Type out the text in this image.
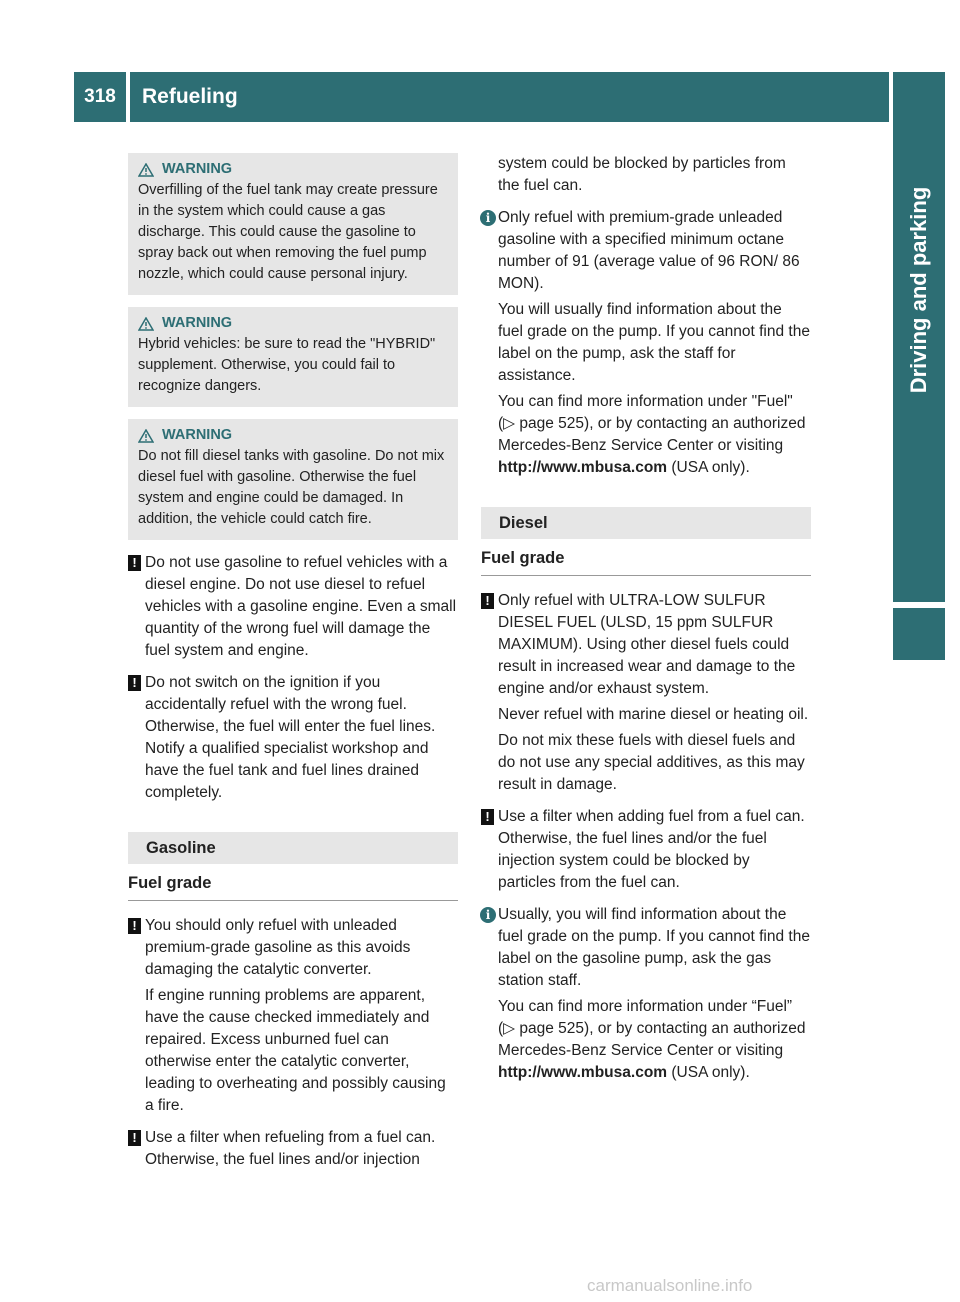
318	Refueling
Driving and parking
WARNING
Overfilling of the fuel tank may create pressure in the system which could cause a gas discharge. This could cause the gasoline to spray back out when removing the fuel pump nozzle, which could cause personal injury.
WARNING
Hybrid vehicles: be sure to read the "HYBRID" supplement. Otherwise, you could fail to recognize dangers.
WARNING
Do not fill diesel tanks with gasoline. Do not mix diesel fuel with gasoline. Otherwise the fuel system and engine could be damaged. In addition, the vehicle could catch fire.
! Do not use gasoline to refuel vehicles with a diesel engine. Do not use diesel to refuel vehicles with a gasoline engine. Even a small quantity of the wrong fuel will damage the fuel system and engine.

! Do not switch on the ignition if you accidentally refuel with the wrong fuel. Otherwise, the fuel will enter the fuel lines. Notify a qualified specialist workshop and have the fuel tank and fuel lines drained completely.

Gasoline
Fuel grade
! You should only refuel with unleaded premium-grade gasoline as this avoids damaging the catalytic converter.

If engine running problems are apparent, have the cause checked immediately and repaired. Excess unburned fuel can otherwise enter the catalytic converter, leading to overheating and possibly causing a fire.

! Use a filter when refueling from a fuel can. Otherwise, the fuel lines and/or injection

system could be blocked by particles from the fuel can.

i Only refuel with premium-grade unleaded gasoline with a specified minimum octane number of 91 (average value of 96 RON/ 86 MON).

You will usually find information about the fuel grade on the pump. If you cannot find the label on the pump, ask the staff for assistance.

You can find more information under "Fuel" (▷ page 525), or by contacting an authorized Mercedes-Benz Service Center or visiting http://www.mbusa.com (USA only).

Diesel
Fuel grade
! Only refuel with ULTRA-LOW SULFUR DIESEL FUEL (ULSD, 15 ppm SULFUR MAXIMUM). Using other diesel fuels could result in increased wear and damage to the engine and/or exhaust system.

Never refuel with marine diesel or heating oil.

Do not mix these fuels with diesel fuels and do not use any special additives, as this may result in damage.

! Use a filter when adding fuel from a fuel can. Otherwise, the fuel lines and/or the fuel injection system could be blocked by particles from the fuel can.

i Usually, you will find information about the fuel grade on the pump. If you cannot find the label on the gasoline pump, ask the gas station staff.

You can find more information under “Fuel” (▷ page 525), or by contacting an authorized Mercedes-Benz Service Center or visiting http://www.mbusa.com (USA only).

carmanualsonline.info
